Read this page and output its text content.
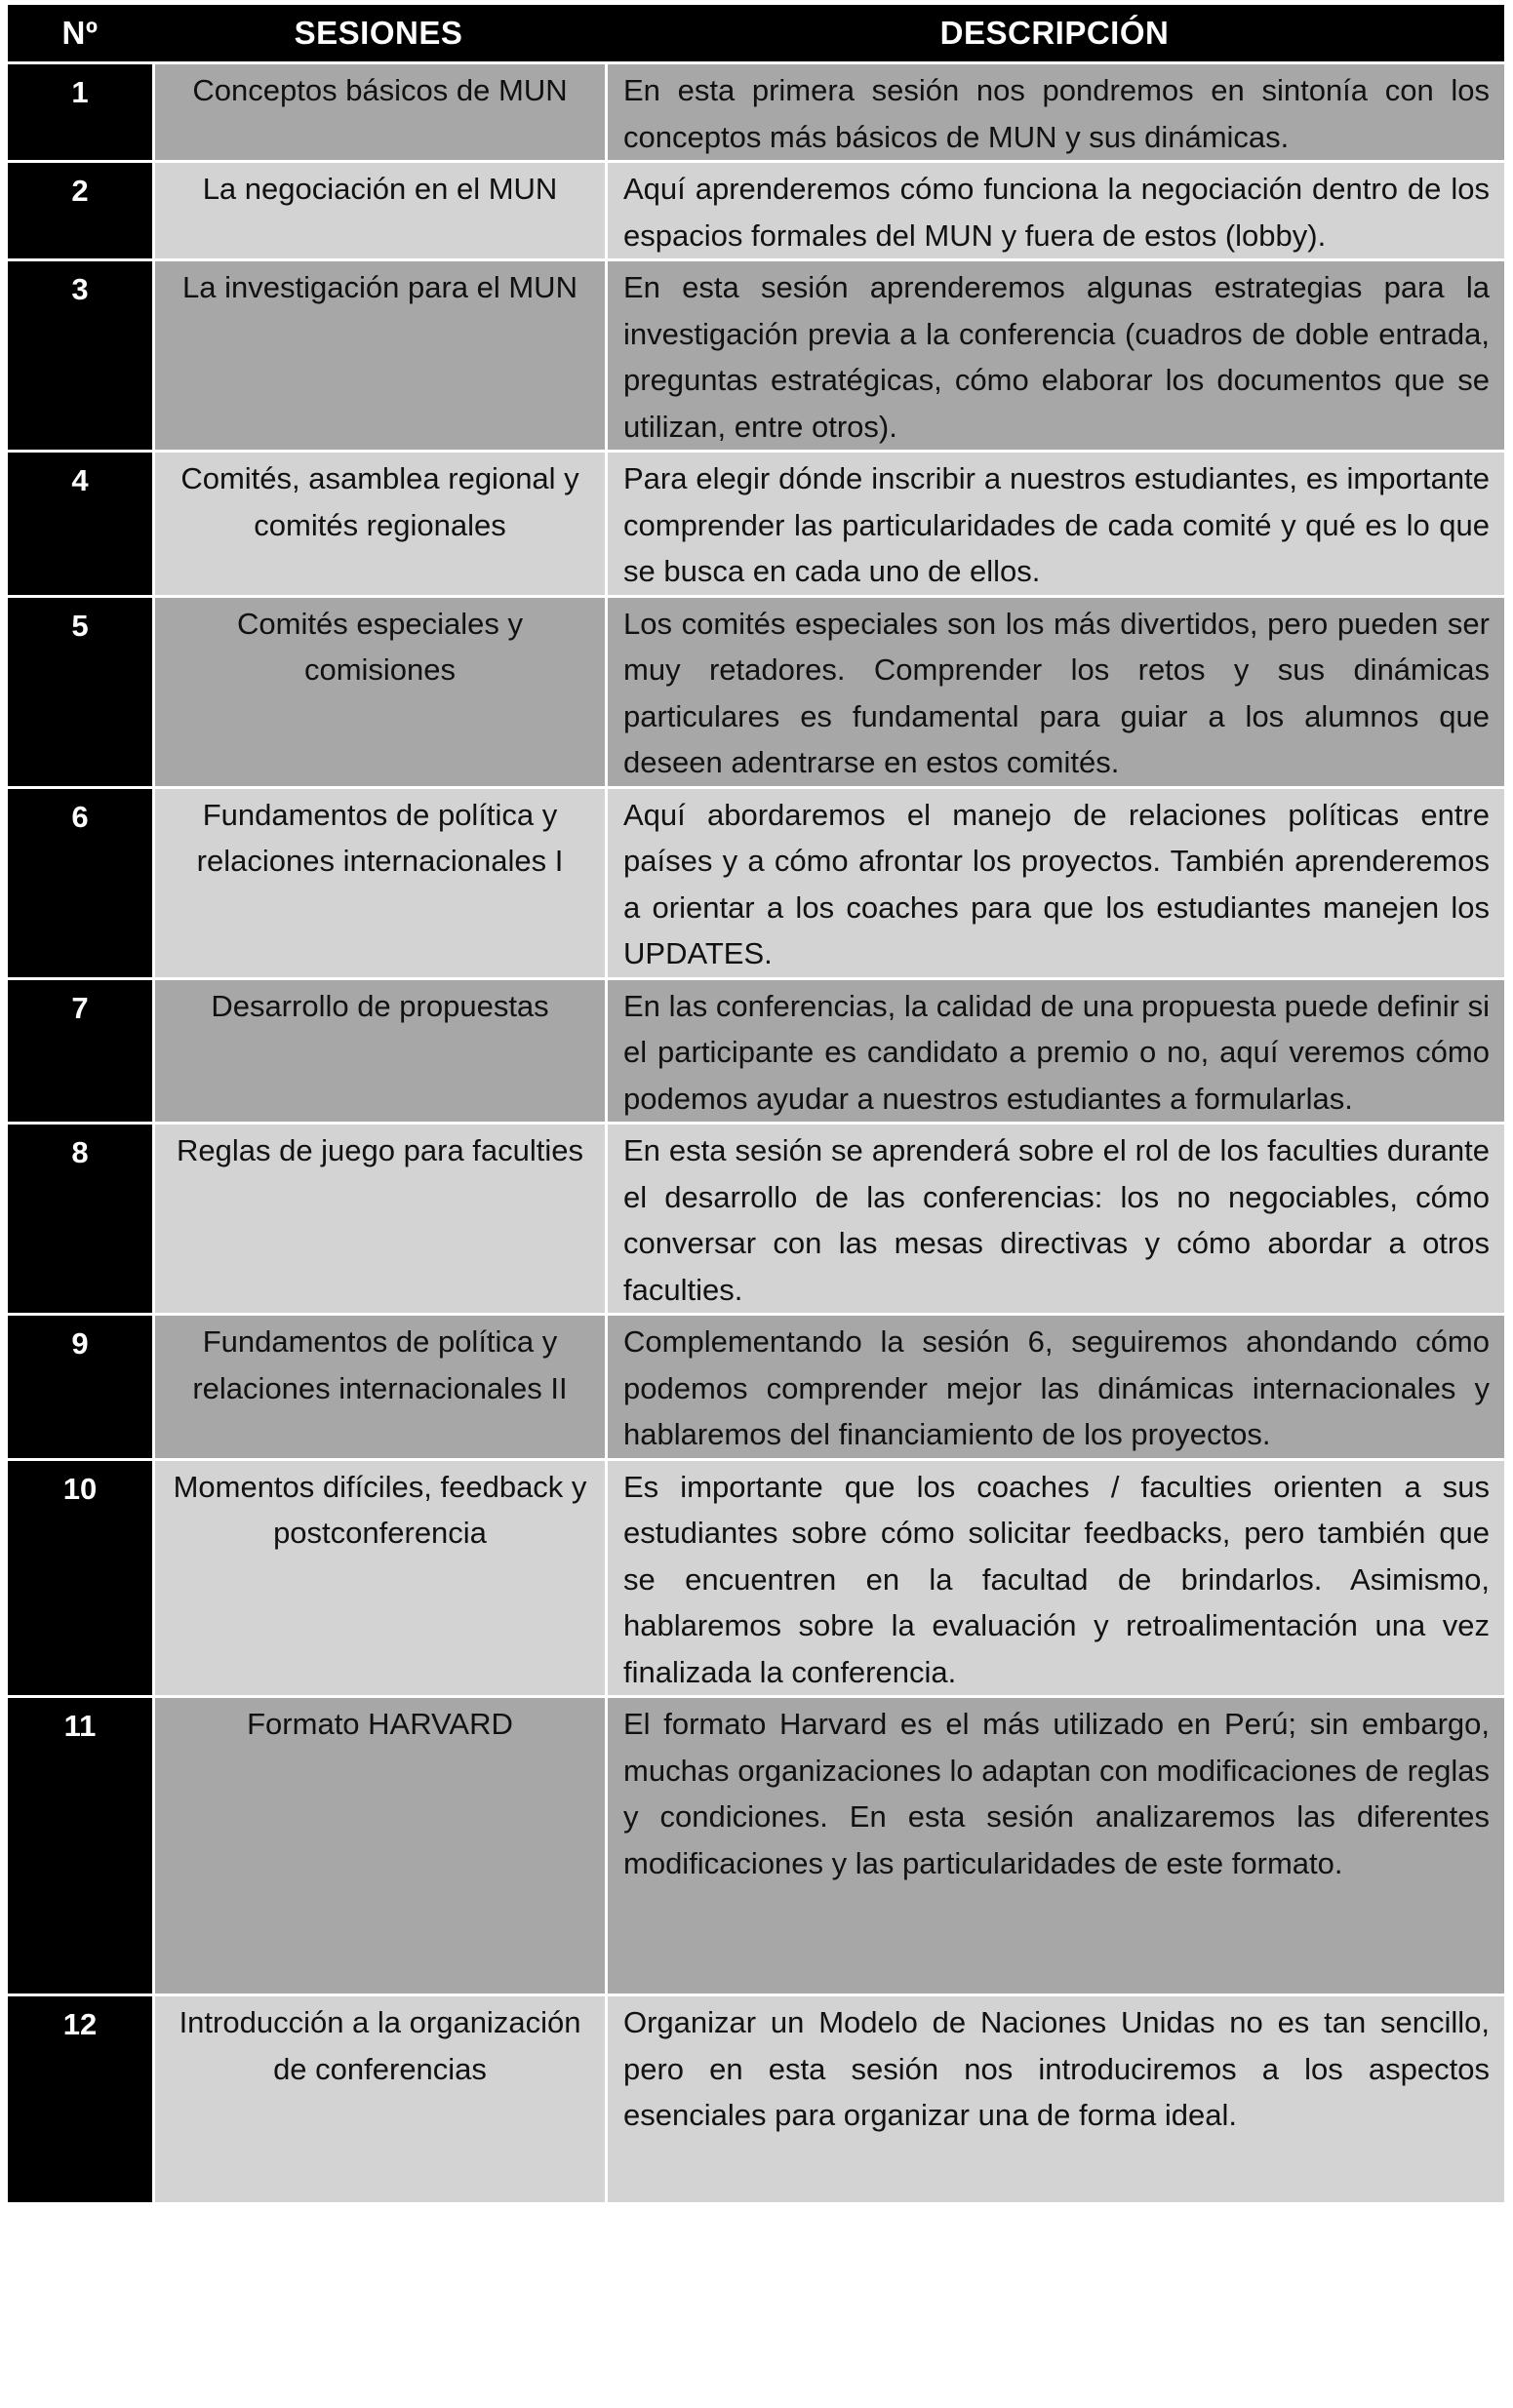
Nº	SESIONES	DESCRIPCIÓN
1	Conceptos básicos de MUN	En esta primera sesión nos pondremos en sintonía con los conceptos más básicos de MUN y sus dinámicas.
2	La negociación en el MUN	Aquí aprenderemos cómo funciona la negociación dentro de los espacios formales del MUN y fuera de estos (lobby).
3	La investigación para el MUN	En esta sesión aprenderemos algunas estrategias para la investigación previa a la conferencia (cuadros de doble entrada, preguntas estratégicas, cómo elaborar los documentos que se utilizan, entre otros).
4	Comités, asamblea regional y comités regionales	Para elegir dónde inscribir a nuestros estudiantes, es importante comprender las particularidades de cada comité y qué es lo que se busca en cada uno de ellos.
5	Comités especiales y comisiones	Los comités especiales son los más divertidos, pero pueden ser muy retadores. Comprender los retos y sus dinámicas particulares es fundamental para guiar a los alumnos que deseen adentrarse en estos comités.
6	Fundamentos de política y relaciones internacionales I	Aquí abordaremos el manejo de relaciones políticas entre países y a cómo afrontar los proyectos. También aprenderemos a orientar a los coaches para que los estudiantes manejen los UPDATES.
7	Desarrollo de propuestas	En las conferencias, la calidad de una propuesta puede definir si el participante es candidato a premio o no, aquí veremos cómo podemos ayudar a nuestros estudiantes a formularlas.
8	Reglas de juego para faculties	En esta sesión se aprenderá sobre el rol de los faculties durante el desarrollo de las conferencias: los no negociables, cómo conversar con las mesas directivas y cómo abordar a otros faculties.
9	Fundamentos de política y relaciones internacionales II	Complementando la sesión 6, seguiremos ahondando cómo podemos comprender mejor las dinámicas internacionales y hablaremos del financiamiento de los proyectos.
10	Momentos difíciles, feedback y postconferencia	Es importante que los coaches / faculties orienten a sus estudiantes sobre cómo solicitar feedbacks, pero también que se encuentren en la facultad de brindarlos. Asimismo, hablaremos sobre la evaluación y retroalimentación una vez finalizada la conferencia.
11	Formato HARVARD	El formato Harvard es el más utilizado en Perú; sin embargo, muchas organizaciones lo adaptan con modificaciones de reglas y condiciones. En esta sesión analizaremos las diferentes modificaciones y las particularidades de este formato.
12	Introducción a la organización de conferencias	Organizar un Modelo de Naciones Unidas no es tan sencillo, pero en esta sesión nos introduciremos a los aspectos esenciales para organizar una de forma ideal.
